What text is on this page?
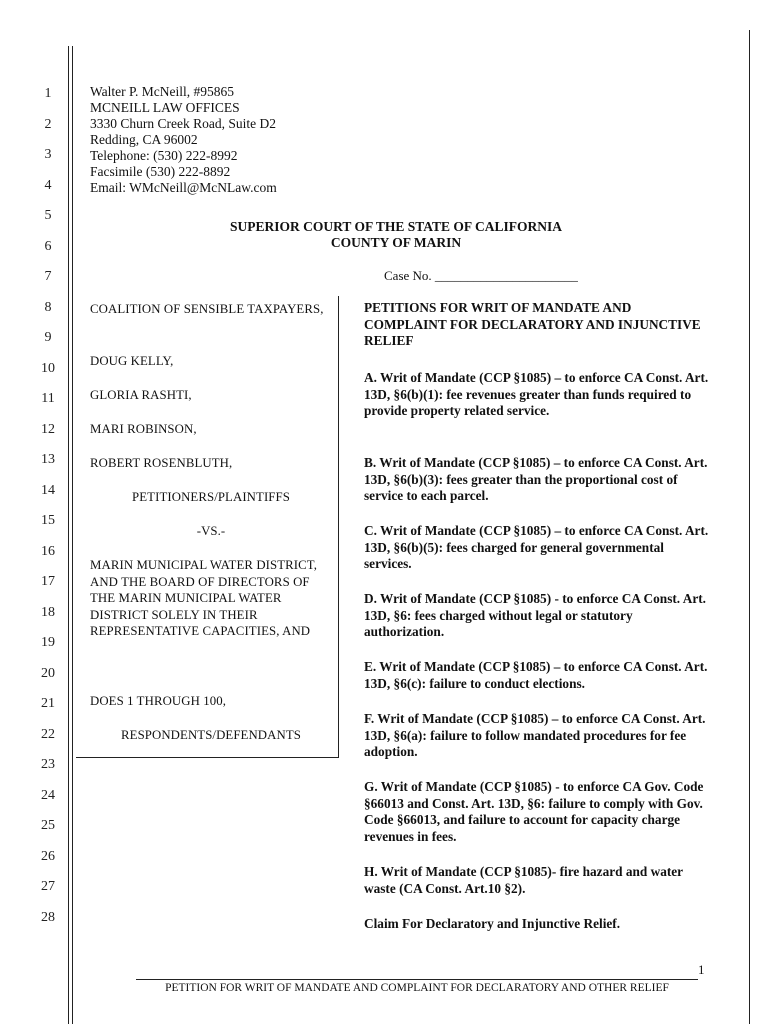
1
2
3
4
5
6
7
8
9
10
11
12
13
14
15
16
17
18
19
20
21
22
23
24
25
26
27
28
Walter P. McNeill, #95865
MCNEILL LAW OFFICES
3330 Churn Creek Road, Suite D2
Redding, CA 96002
Telephone: (530) 222-8992
Facsimile (530) 222-8892
Email: WMcNeill@McNLaw.com
SUPERIOR COURT OF THE STATE OF CALIFORNIA
COUNTY OF MARIN
Case No. ______________________
COALITION OF SENSIBLE TAXPAYERS,
DOUG KELLY,
GLORIA RASHTI,
MARI ROBINSON,
ROBERT ROSENBLUTH,
PETITIONERS/PLAINTIFFS
-VS.-
MARIN MUNICIPAL WATER DISTRICT, AND THE BOARD OF DIRECTORS OF THE MARIN MUNICIPAL WATER DISTRICT SOLELY IN THEIR REPRESENTATIVE CAPACITIES, AND
DOES 1 THROUGH 100,
RESPONDENTS/DEFENDANTS
PETITIONS FOR WRIT OF MANDATE AND COMPLAINT FOR DECLARATORY AND INJUNCTIVE RELIEF
A. Writ of Mandate (CCP §1085) – to enforce CA Const. Art. 13D, §6(b)(1): fee revenues greater than funds required to provide property related service.
B. Writ of Mandate (CCP §1085) – to enforce CA Const. Art. 13D, §6(b)(3): fees greater than the proportional cost of service to each parcel.
C. Writ of Mandate (CCP §1085) – to enforce CA Const. Art. 13D, §6(b)(5): fees charged for general governmental services.
D. Writ of Mandate (CCP §1085) - to enforce CA Const. Art. 13D, §6: fees charged without legal or statutory authorization.
E. Writ of Mandate (CCP §1085) – to enforce CA Const. Art. 13D, §6(c): failure to conduct elections.
F. Writ of Mandate (CCP §1085) – to enforce CA Const. Art. 13D, §6(a): failure to follow mandated procedures for fee adoption.
G. Writ of Mandate (CCP §1085) - to enforce CA Gov. Code §66013 and Const. Art. 13D, §6: failure to comply with Gov. Code §66013, and failure to account for capacity charge revenues in fees.
H. Writ of Mandate (CCP §1085)- fire hazard and water waste (CA Const. Art.10 §2).
Claim For Declaratory and Injunctive Relief.
1
PETITION FOR WRIT OF MANDATE AND COMPLAINT FOR DECLARATORY AND OTHER RELIEF
